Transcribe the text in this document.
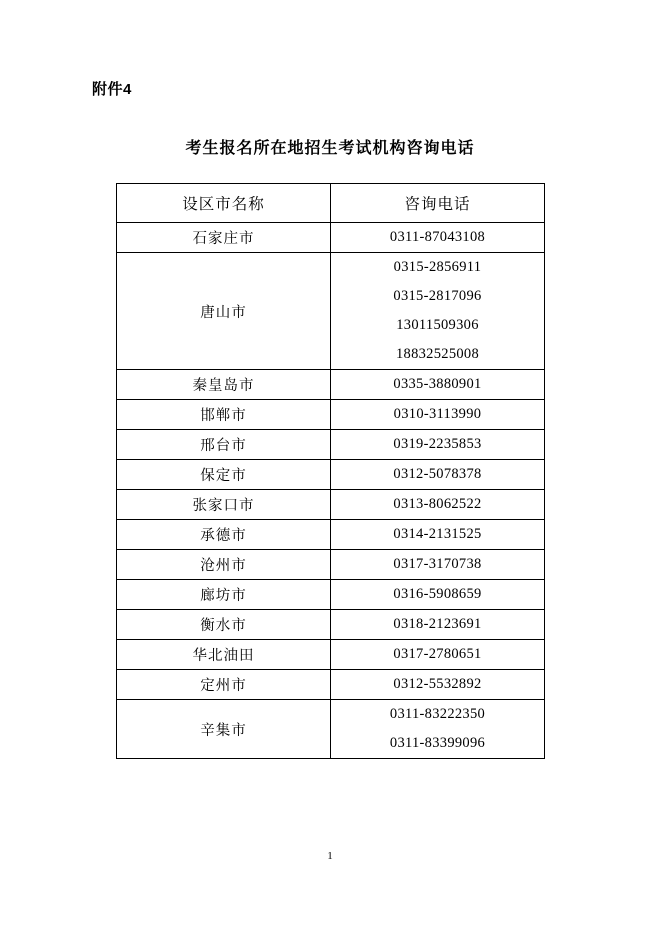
附件4
考生报名所在地招生考试机构咨询电话
设区市名称	咨询电话
石家庄市	0311-87043108

唐山市	0315-2856911
0315-2817096
13011509306
18832525008

秦皇岛市	0335-3880901

邯郸市	0310-3113990

邢台市	0319-2235853

保定市	0312-5078378

张家口市	0313-8062522

承德市	0314-2131525

沧州市	0317-3170738

廊坊市	0316-5908659

衡水市	0318-2123691

华北油田	0317-2780651

定州市	0312-5532892

辛集市	0311-83222350
0311-83399096
1
